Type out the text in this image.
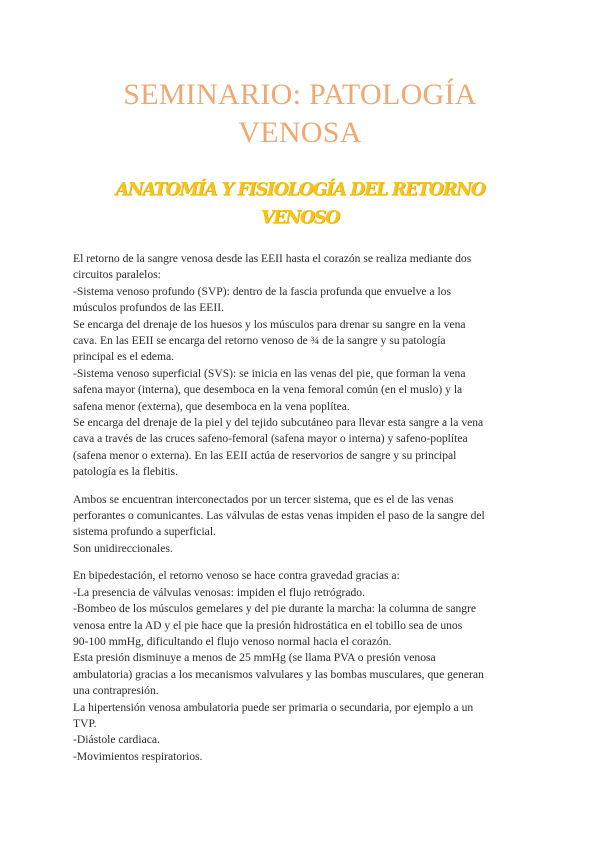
SEMINARIO: PATOLOGÍA
VENOSA
ANATOMÍA Y FISIOLOGÍA DEL RETORNO
VENOSO
El retorno de la sangre venosa desde las EEII hasta el corazón se realiza mediante dos
circuitos paralelos:
-Sistema venoso profundo (SVP): dentro de la fascia profunda que envuelve a los
músculos profundos de las EEII.
Se encarga del drenaje de los huesos y los músculos para drenar su sangre en la vena
cava. En las EEII se encarga del retorno venoso de ¾ de la sangre y su patología
principal es el edema.
-Sistema venoso superficial (SVS): se inicia en las venas del pie, que forman la vena
safena mayor (interna), que desemboca en la vena femoral común (en el muslo) y la
safena menor (externa), que desemboca en la vena poplítea.
Se encarga del drenaje de la piel y del tejido subcutáneo para llevar esta sangre a la vena
cava a través de las cruces safeno-femoral (safena mayor o interna) y safeno-poplítea
(safena menor o externa). En las EEII actúa de reservorios de sangre y su principal
patología es la flebitis.
Ambos se encuentran interconectados por un tercer sistema, que es el de las venas
perforantes o comunicantes. Las válvulas de estas venas impiden el paso de la sangre del
sistema profundo a superficial.
Son unidireccionales.
En bipedestación, el retorno venoso se hace contra gravedad gracias a:
-La presencia de válvulas venosas: impiden el flujo retrógrado.
-Bombeo de los músculos gemelares y del pie durante la marcha: la columna de sangre
venosa entre la AD y el pie hace que la presión hidrostática en el tobillo sea de unos
90-100 mmHg, dificultando el flujo venoso normal hacia el corazón.
Esta presión disminuye a menos de 25 mmHg (se llama PVA o presión venosa
ambulatoria) gracias a los mecanismos valvulares y las bombas musculares, que generan
una contrapresión.
La hipertensión venosa ambulatoria puede ser primaria o secundaria, por ejemplo a un
TVP.
-Diástole cardiaca.
-Movimientos respiratorios.
